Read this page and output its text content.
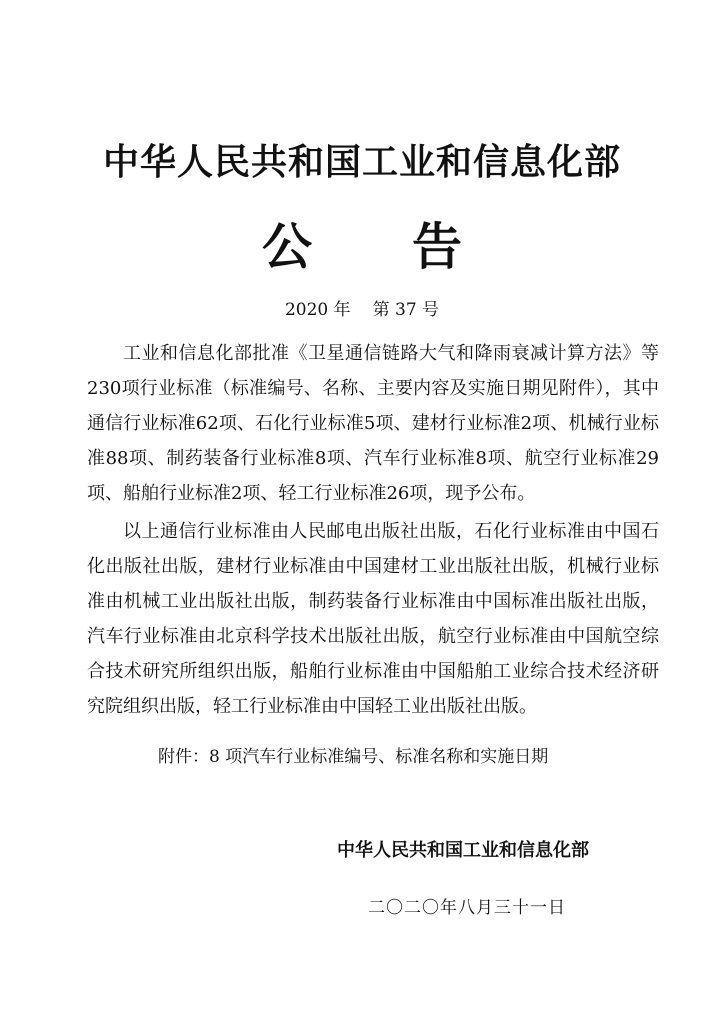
中华人民共和国工业和信息化部
公 告
2020 年 第 37 号

工业和信息化部批准《卫星通信链路大气和降雨衰减计算方法》等230项行业标准（标准编号、名称、主要内容及实施日期见附件），其中通信行业标准62项、石化行业标准5项、建材行业标准2项、机械行业标准88项、制药装备行业标准8项、汽车行业标准8项、航空行业标准29项、船舶行业标准2项、轻工行业标准26项，现予公布。

以上通信行业标准由人民邮电出版社出版，石化行业标准由中国石化出版社出版，建材行业标准由中国建材工业出版社出版，机械行业标准由机械工业出版社出版，制药装备行业标准由中国标准出版社出版，汽车行业标准由北京科学技术出版社出版，航空行业标准由中国航空综合技术研究所组织出版，船舶行业标准由中国船舶工业综合技术经济研究院组织出版，轻工行业标准由中国轻工业出版社出版。

附件：8 项汽车行业标准编号、标准名称和实施日期
中华人民共和国工业和信息化部
二〇二〇年八月三十一日
